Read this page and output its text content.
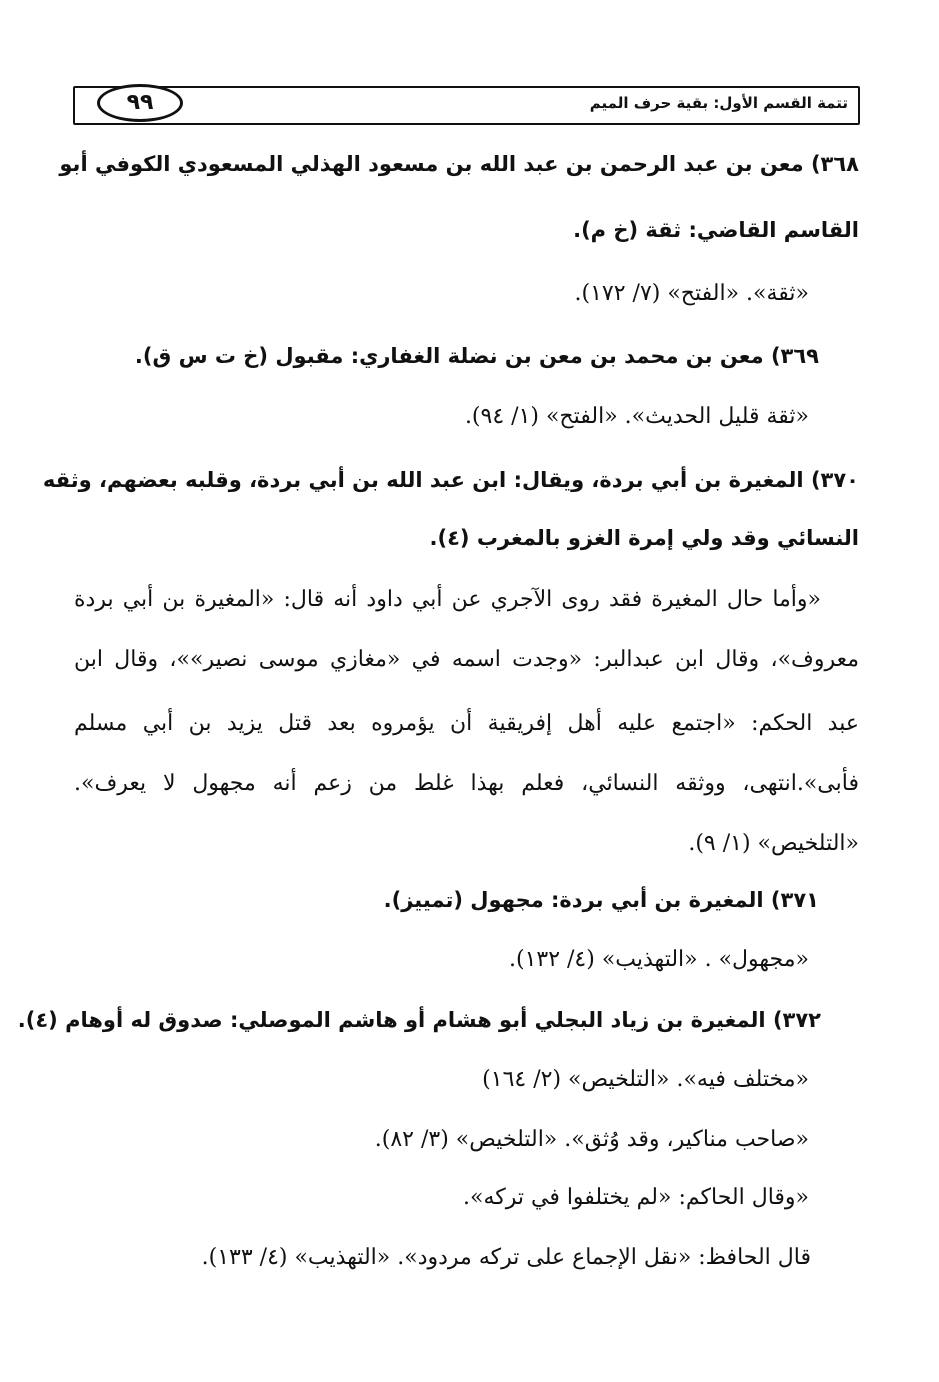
تتمة القسم الأول: بقية حرف الميم
٩٩
٣٦٨) معن بن عبد الرحمن بن عبد الله بن مسعود الهذلي المسعودي الكوفي أبو
القاسم القاضي: ثقة (خ م).
«ثقة». «الفتح» (٧/ ١٧٢).
٣٦٩) معن بن محمد بن معن بن نضلة الغفاري: مقبول (خ ت س ق).
«ثقة قليل الحديث». «الفتح» (١/ ٩٤).
٣٧٠) المغيرة بن أبي بردة، ويقال: ابن عبد الله بن أبي بردة، وقلبه بعضهم، وثقه
النسائي وقد ولي إمرة الغزو بالمغرب (٤).
«وأما حال المغيرة فقد روى الآجري عن أبي داود أنه قال: «المغيرة بن أبي بردة
معروف»، وقال ابن عبدالبر: «وجدت اسمه في «مغازي موسى نصير»»، وقال ابن
عبد الحكم: «اجتمع عليه أهل إفريقية أن يؤمروه بعد قتل يزيد بن أبي مسلم
فأبى».انتهى، ووثقه النسائي، فعلم بهذا غلط من زعم أنه مجهول لا يعرف».
«التلخيص» (١/ ٩).
٣٧١) المغيرة بن أبي بردة: مجهول (تمييز).
«مجهول» . «التهذيب» (٤/ ١٣٢).
٣٧٢) المغيرة بن زياد البجلي أبو هشام أو هاشم الموصلي: صدوق له أوهام (٤).
«مختلف فيه». «التلخيص» (٢/ ١٦٤)
«صاحب مناكير، وقد وُثق». «التلخيص» (٣/ ٨٢).
«وقال الحاكم: «لم يختلفوا في تركه».
قال الحافظ: «نقل الإجماع على تركه مردود». «التهذيب» (٤/ ١٣٣).
